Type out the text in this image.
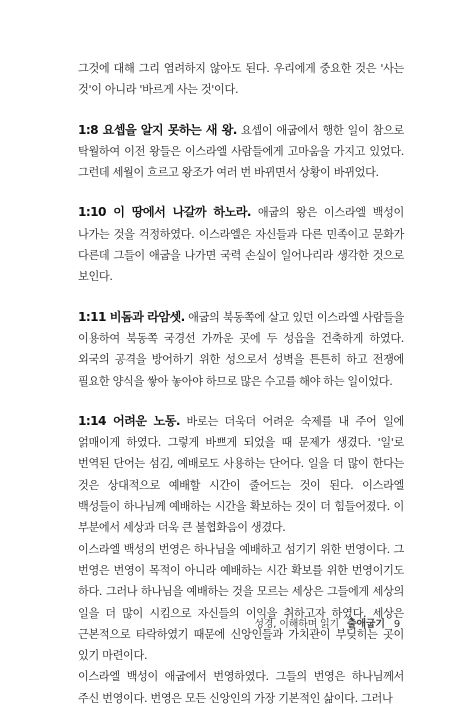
그것에 대해 그리 염려하지 않아도 된다. 우리에게 중요한 것은 '사는 것'이 아니라 '바르게 사는 것'이다.

1:8 요셉을 알지 못하는 새 왕. 요셉이 애굽에서 행한 일이 참으로 탁월하여 이전 왕들은 이스라엘 사람들에게 고마움을 가지고 있었다. 그런데 세월이 흐르고 왕조가 여러 번 바뀌면서 상황이 바뀌었다.

1:10 이 땅에서 나갈까 하노라. 애굽의 왕은 이스라엘 백성이 나가는 것을 걱정하였다. 이스라엘은 자신들과 다른 민족이고 문화가 다른데 그들이 애굽을 나가면 국력 손실이 일어나리라 생각한 것으로 보인다.

1:11 비돔과 라암셋. 애굽의 북동쪽에 살고 있던 이스라엘 사람들을 이용하여 북동쪽 국경선 가까운 곳에 두 성읍을 건축하게 하였다. 외국의 공격을 방어하기 위한 성으로서 성벽을 튼튼히 하고 전쟁에 필요한 양식을 쌓아 놓아야 하므로 많은 수고를 해야 하는 일이었다.

1:14 어려운 노동. 바로는 더욱더 어려운 숙제를 내 주어 일에 얽매이게 하였다. 그렇게 바쁘게 되었을 때 문제가 생겼다. '일'로 번역된 단어는 섬김, 예배로도 사용하는 단어다. 일을 더 많이 한다는 것은 상대적으로 예배할 시간이 줄어드는 것이 된다. 이스라엘 백성들이 하나님께 예배하는 시간을 확보하는 것이 더 힘들어졌다. 이 부분에서 세상과 더욱 큰 불협화음이 생겼다.

이스라엘 백성의 번영은 하나님을 예배하고 섬기기 위한 번영이다. 그 번영은 번영이 목적이 아니라 예배하는 시간 확보를 위한 번영이기도 하다. 그러나 하나님을 예배하는 것을 모르는 세상은 그들에게 세상의 일을 더 많이 시킴으로 자신들의 이익을 취하고자 하였다. 세상은 근본적으로 타락하였기 때문에 신앙인들과 가치관이 부딪히는 곳이 있기 마련이다.

이스라엘 백성이 애굽에서 번영하였다. 그들의 번영은 하나님께서 주신 번영이다. 번영은 모든 신앙인의 가장 기본적인 삶이다. 그러나

성경, 이해하며 읽기 출애굽기 9
